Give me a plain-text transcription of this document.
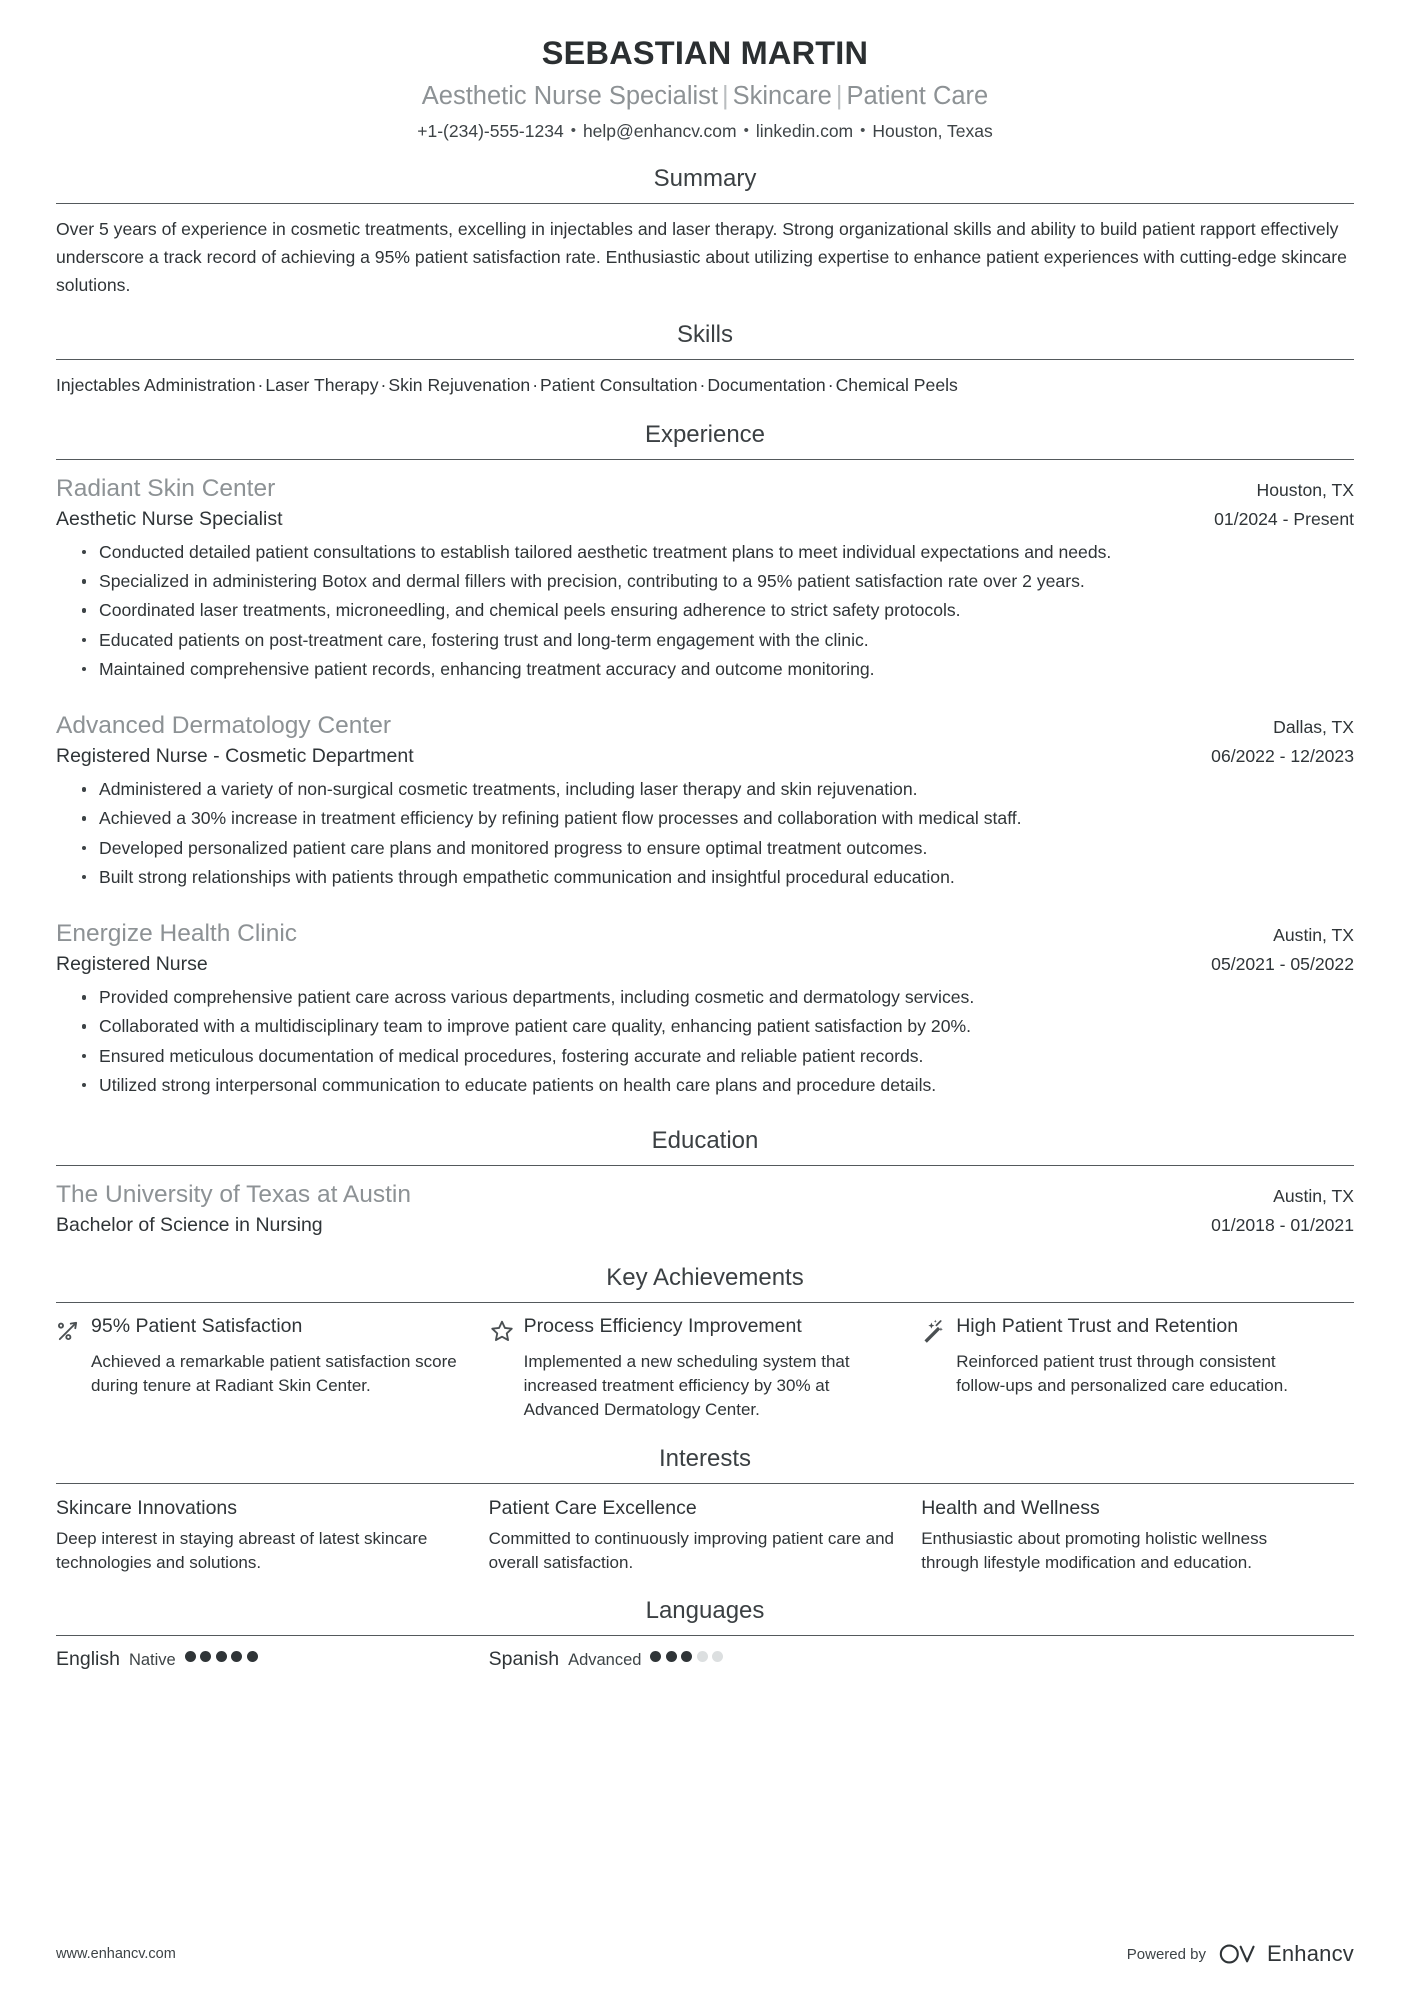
SEBASTIAN MARTIN
Aesthetic Nurse Specialist | Skincare | Patient Care
+1-(234)-555-1234 • help@enhancv.com • linkedin.com • Houston, Texas
Summary
Over 5 years of experience in cosmetic treatments, excelling in injectables and laser therapy. Strong organizational skills and ability to build patient rapport effectively underscore a track record of achieving a 95% patient satisfaction rate. Enthusiastic about utilizing expertise to enhance patient experiences with cutting-edge skincare solutions.
Skills
Injectables Administration · Laser Therapy · Skin Rejuvenation · Patient Consultation · Documentation · Chemical Peels
Experience
Radiant Skin Center	Houston, TX
Aesthetic Nurse Specialist	01/2024 - Present
Conducted detailed patient consultations to establish tailored aesthetic treatment plans to meet individual expectations and needs.
Specialized in administering Botox and dermal fillers with precision, contributing to a 95% patient satisfaction rate over 2 years.
Coordinated laser treatments, microneedling, and chemical peels ensuring adherence to strict safety protocols.
Educated patients on post-treatment care, fostering trust and long-term engagement with the clinic.
Maintained comprehensive patient records, enhancing treatment accuracy and outcome monitoring.
Advanced Dermatology Center	Dallas, TX
Registered Nurse - Cosmetic Department	06/2022 - 12/2023
Administered a variety of non-surgical cosmetic treatments, including laser therapy and skin rejuvenation.
Achieved a 30% increase in treatment efficiency by refining patient flow processes and collaboration with medical staff.
Developed personalized patient care plans and monitored progress to ensure optimal treatment outcomes.
Built strong relationships with patients through empathetic communication and insightful procedural education.
Energize Health Clinic	Austin, TX
Registered Nurse	05/2021 - 05/2022
Provided comprehensive patient care across various departments, including cosmetic and dermatology services.
Collaborated with a multidisciplinary team to improve patient care quality, enhancing patient satisfaction by 20%.
Ensured meticulous documentation of medical procedures, fostering accurate and reliable patient records.
Utilized strong interpersonal communication to educate patients on health care plans and procedure details.
Education
The University of Texas at Austin	Austin, TX
Bachelor of Science in Nursing	01/2018 - 01/2021
Key Achievements
95% Patient Satisfaction
Achieved a remarkable patient satisfaction score during tenure at Radiant Skin Center.
Process Efficiency Improvement
Implemented a new scheduling system that increased treatment efficiency by 30% at Advanced Dermatology Center.
High Patient Trust and Retention
Reinforced patient trust through consistent follow-ups and personalized care education.
Interests
Skincare Innovations
Deep interest in staying abreast of latest skincare technologies and solutions.
Patient Care Excellence
Committed to continuously improving patient care and overall satisfaction.
Health and Wellness
Enthusiastic about promoting holistic wellness through lifestyle modification and education.
Languages
English Native	Spanish Advanced
www.enhancv.com	Powered by	Enhancv
